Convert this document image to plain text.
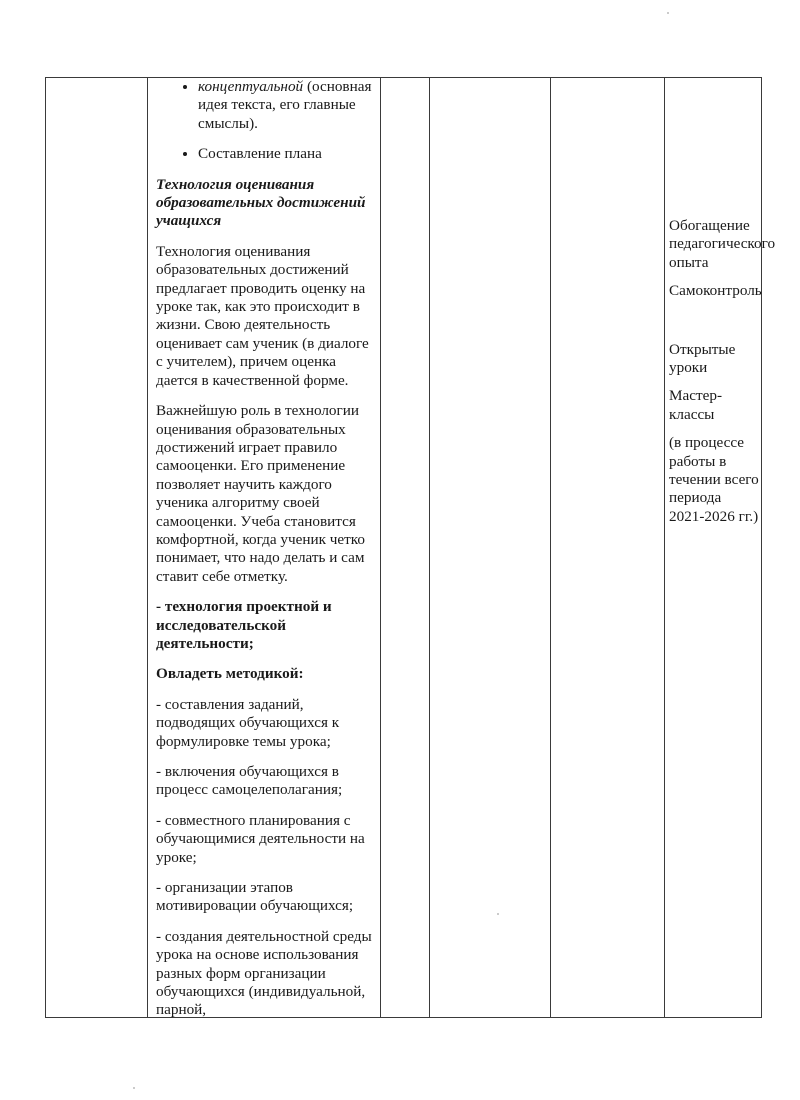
• концептуальной (основная идея текста, его главные смыслы).
• Составление плана

Технология оценивания образовательных достижений учащихся

Технология оценивания образовательных достижений предлагает проводить оценку на уроке так, как это происходит в жизни. Свою деятельность оценивает сам ученик (в диалоге с учителем), причем оценка дается в качественной форме.

Важнейшую роль в технологии оценивания образовательных достижений играет правило самооценки. Его применение позволяет научить каждого ученика алгоритму своей самооценки. Учеба становится комфортной, когда ученик четко понимает, что надо делать и сам ставит себе отметку.

- технология проектной и исследовательской деятельности;

Овладеть методикой:

- составления заданий, подводящих обучающихся к формулировке темы урока;

- включения обучающихся в процесс самоцелеполагания;

- совместного планирования с обучающимися деятельности на уроке;

- организации этапов мотивировации обучающихся;

- создания деятельностной среды урока на основе использования разных форм организации обучающихся (индивидуальной, парной,

Обогащение педагогического опыта

Самоконтроль

Открытые уроки

Мастер-классы

(в процессе работы в течении всего периода 2021-2026 гг.)
